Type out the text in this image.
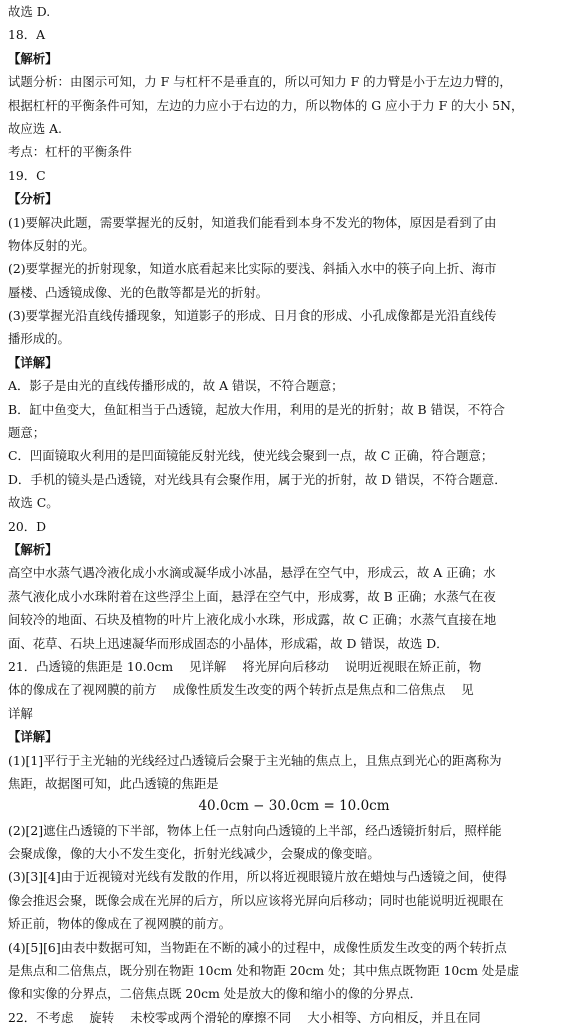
故选 D.

18．A

【解析】

试题分析：由图示可知，力 F 与杠杆不是垂直的，所以可知力 F 的力臂是小于左边力臂的，

根据杠杆的平衡条件可知，左边的力应小于右边的力，所以物体的 G 应小于力 F 的大小 5N，

故应选 A.

考点：杠杆的平衡条件

19．C

【分析】

(1)要解决此题，需要掌握光的反射，知道我们能看到本身不发光的物体，原因是看到了由

物体反射的光。

(2)要掌握光的折射现象，知道水底看起来比实际的要浅、斜插入水中的筷子向上折、海市

蜃楼、凸透镜成像、光的色散等都是光的折射。

(3)要掌握光沿直线传播现象，知道影子的形成、日月食的形成、小孔成像都是光沿直线传

播形成的。

【详解】

A．影子是由光的直线传播形成的，故 A 错误，不符合题意；

B．缸中鱼变大，鱼缸相当于凸透镜，起放大作用，利用的是光的折射；故 B 错误，不符合

题意；

C．凹面镜取火利用的是凹面镜能反射光线，使光线会聚到一点，故 C 正确，符合题意；

D．手机的镜头是凸透镜，对光线具有会聚作用，属于光的折射，故 D 错误，不符合题意．

故选 C。

20．D

【解析】

高空中水蒸气遇冷液化成小水滴或凝华成小冰晶，悬浮在空气中，形成云，故 A 正确；水

蒸气液化成小水珠附着在这些浮尘上面，悬浮在空气中，形成雾，故 B 正确；水蒸气在夜

间较冷的地面、石块及植物的叶片上液化成小水珠，形成露，故 C 正确；水蒸气直接在地

面、花草、石块上迅速凝华而形成固态的小晶体，形成霜，故 D 错误，故选 D．

21．凸透镜的焦距是 10.0cm 见详解 将光屏向后移动 说明近视眼在矫正前，物

体的像成在了视网膜的前方 成像性质发生改变的两个转折点是焦点和二倍焦点 见

详解

【详解】

(1)[1]平行于主光轴的光线经过凸透镜后会聚于主光轴的焦点上，且焦点到光心的距离称为

焦距，故据图可知，此凸透镜的焦距是

40.0cm − 30.0cm = 10.0cm

(2)[2]遮住凸透镜的下半部，物体上任一点射向凸透镜的上半部，经凸透镜折射后，照样能

会聚成像，像的大小不发生变化，折射光线减少，会聚成的像变暗。

(3)[3][4]由于近视镜对光线有发散的作用，所以将近视眼镜片放在蜡烛与凸透镜之间，使得

像会推迟会聚，既像会成在光屏的后方，所以应该将光屏向后移动；同时也能说明近视眼在

矫正前，物体的像成在了视网膜的前方。

(4)[5][6]由表中数据可知，当物距在不断的减小的过程中，成像性质发生改变的两个转折点

是焦点和二倍焦点，既分别在物距 10cm 处和物距 20cm 处；其中焦点既物距 10cm 处是虚

像和实像的分界点，二倍焦点既 20cm 处是放大的像和缩小的像的分界点．

22．不考虑 旋转 未校零或两个滑轮的摩擦不同 大小相等、方向相反，并且在同
